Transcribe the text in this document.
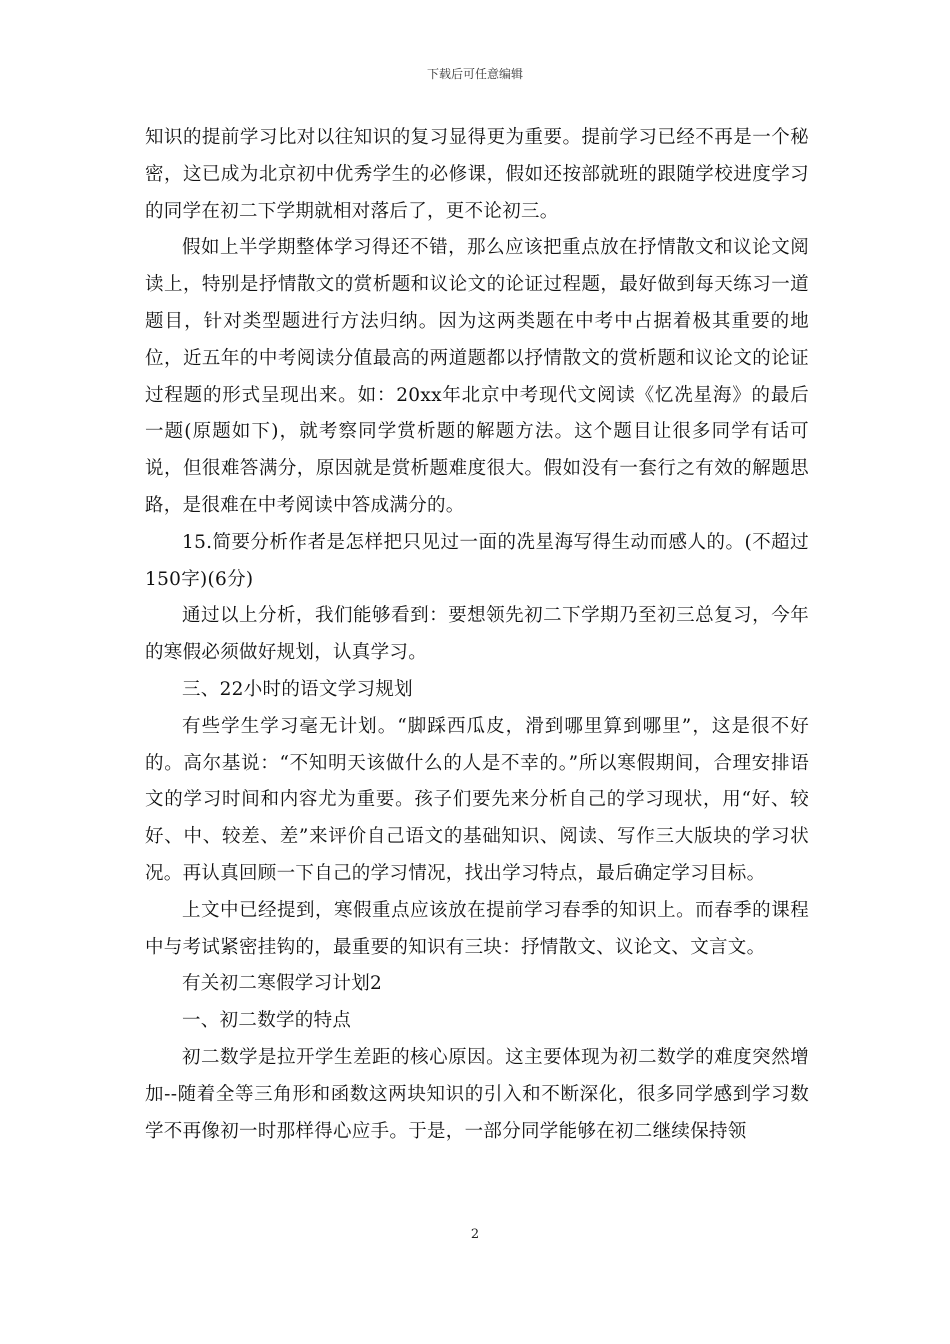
下载后可任意编辑

知识的提前学习比对以往知识的复习显得更为重要。提前学习已经不再是一个秘密，这已成为北京初中优秀学生的必修课，假如还按部就班的跟随学校进度学习的同学在初二下学期就相对落后了，更不论初三。

假如上半学期整体学习得还不错，那么应该把重点放在抒情散文和议论文阅读上，特别是抒情散文的赏析题和议论文的论证过程题，最好做到每天练习一道题目，针对类型题进行方法归纳。因为这两类题在中考中占据着极其重要的地位，近五年的中考阅读分值最高的两道题都以抒情散文的赏析题和议论文的论证过程题的形式呈现出来。如：20xx年北京中考现代文阅读《忆冼星海》的最后一题(原题如下)，就考察同学赏析题的解题方法。这个题目让很多同学有话可说，但很难答满分，原因就是赏析题难度很大。假如没有一套行之有效的解题思路，是很难在中考阅读中答成满分的。

15.简要分析作者是怎样把只见过一面的冼星海写得生动而感人的。(不超过150字)(6分)

通过以上分析，我们能够看到：要想领先初二下学期乃至初三总复习，今年的寒假必须做好规划，认真学习。

三、22小时的语文学习规划

有些学生学习毫无计划。“脚踩西瓜皮，滑到哪里算到哪里”，这是很不好的。高尔基说：“不知明天该做什么的人是不幸的。”所以寒假期间，合理安排语文的学习时间和内容尤为重要。孩子们要先来分析自己的学习现状，用“好、较好、中、较差、差”来评价自己语文的基础知识、阅读、写作三大版块的学习状况。再认真回顾一下自己的学习情况，找出学习特点，最后确定学习目标。

上文中已经提到，寒假重点应该放在提前学习春季的知识上。而春季的课程中与考试紧密挂钩的，最重要的知识有三块：抒情散文、议论文、文言文。

有关初二寒假学习计划2

一、初二数学的特点

初二数学是拉开学生差距的核心原因。这主要体现为初二数学的难度突然增加--随着全等三角形和函数这两块知识的引入和不断深化，很多同学感到学习数学不再像初一时那样得心应手。于是，一部分同学能够在初二继续保持领

2
